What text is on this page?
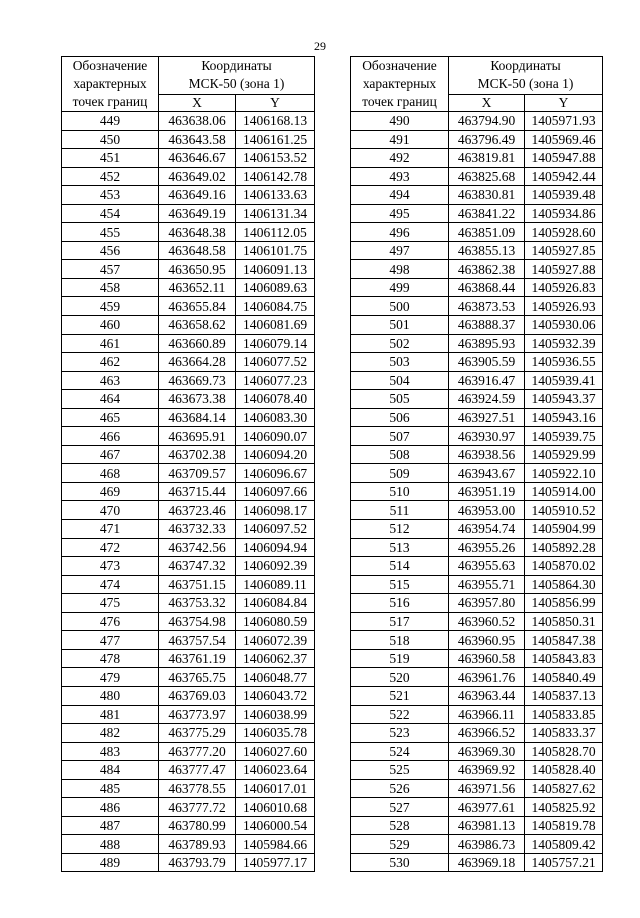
29
Обозначение
характерных
точек границ	Координаты
МСК-50 (зона 1)	
	X	Y
449	463638.06	1406168.13
450	463643.58	1406161.25
451	463646.67	1406153.52
452	463649.02	1406142.78
453	463649.16	1406133.63
454	463649.19	1406131.34
455	463648.38	1406112.05
456	463648.58	1406101.75
457	463650.95	1406091.13
458	463652.11	1406089.63
459	463655.84	1406084.75
460	463658.62	1406081.69
461	463660.89	1406079.14
462	463664.28	1406077.52
463	463669.73	1406077.23
464	463673.38	1406078.40
465	463684.14	1406083.30
466	463695.91	1406090.07
467	463702.38	1406094.20
468	463709.57	1406096.67
469	463715.44	1406097.66
470	463723.46	1406098.17
471	463732.33	1406097.52
472	463742.56	1406094.94
473	463747.32	1406092.39
474	463751.15	1406089.11
475	463753.32	1406084.84
476	463754.98	1406080.59
477	463757.54	1406072.39
478	463761.19	1406062.37
479	463765.75	1406048.77
480	463769.03	1406043.72
481	463773.97	1406038.99
482	463775.29	1406035.78
483	463777.20	1406027.60
484	463777.47	1406023.64
485	463778.55	1406017.01
486	463777.72	1406010.68
487	463780.99	1406000.54
488	463789.93	1405984.66
489	463793.79	1405977.17
Обозначение
характерных
точек границ	Координаты
МСК-50 (зона 1)	
	X	Y
490	463794.90	1405971.93
491	463796.49	1405969.46
492	463819.81	1405947.88
493	463825.68	1405942.44
494	463830.81	1405939.48
495	463841.22	1405934.86
496	463851.09	1405928.60
497	463855.13	1405927.85
498	463862.38	1405927.88
499	463868.44	1405926.83
500	463873.53	1405926.93
501	463888.37	1405930.06
502	463895.93	1405932.39
503	463905.59	1405936.55
504	463916.47	1405939.41
505	463924.59	1405943.37
506	463927.51	1405943.16
507	463930.97	1405939.75
508	463938.56	1405929.99
509	463943.67	1405922.10
510	463951.19	1405914.00
511	463953.00	1405910.52
512	463954.74	1405904.99
513	463955.26	1405892.28
514	463955.63	1405870.02
515	463955.71	1405864.30
516	463957.80	1405856.99
517	463960.52	1405850.31
518	463960.95	1405847.38
519	463960.58	1405843.83
520	463961.76	1405840.49
521	463963.44	1405837.13
522	463966.11	1405833.85
523	463966.52	1405833.37
524	463969.30	1405828.70
525	463969.92	1405828.40
526	463971.56	1405827.62
527	463977.61	1405825.92
528	463981.13	1405819.78
529	463986.73	1405809.42
530	463969.18	1405757.21
